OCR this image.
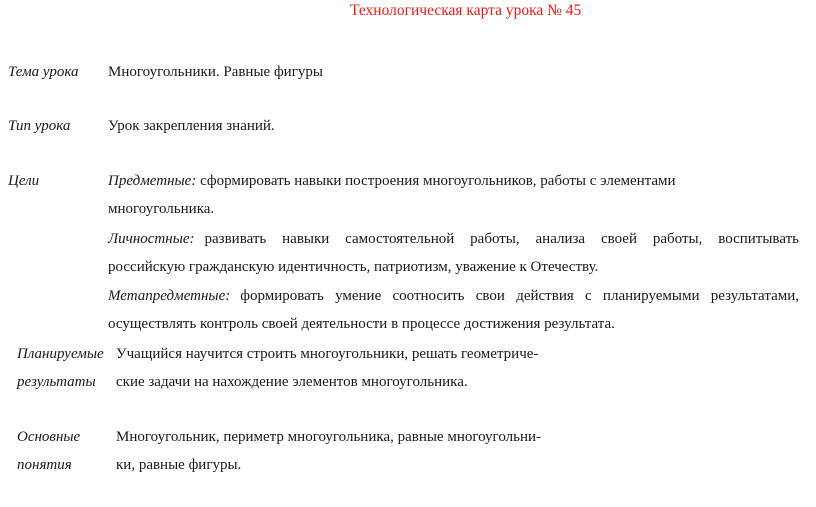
Технологическая карта урока № 45
Тема урока Многоугольники. Равные фигуры
Тип урока	Урок закрепления знаний.
Цели	Предметные: сформировать навыки построения многоугольников, работы с элементами
многоугольника.
Личностные: развивать навыки самостоятельной работы, анализа своей работы, воспитывать
российскую гражданскую идентичность, патриотизм, уважение к Отечеству.
Метапредметные: формировать умение соотносить свои действия с планируемыми результатами,
осуществлять контроль своей деятельности в процессе достижения результата.
Планируемые
результаты
Учащийся научится строить многоугольники, решать геометриче-
ские задачи на нахождение элементов многоугольника.
Основные
понятия
Многоугольник, периметр многоугольника, равные многоугольни-
ки, равные фигуры.
